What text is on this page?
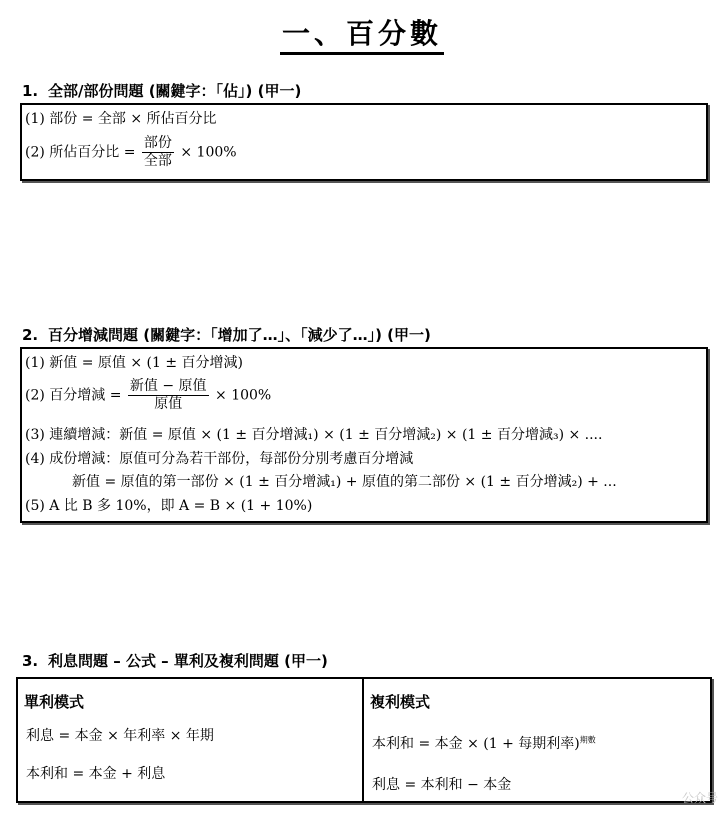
一、百分數
1. 全部/部份問題 (關鍵字：「佔」) (甲一)
(1) 部份 = 全部 × 所佔百分比
(2) 所佔百分比 = $\frac{\text{部份}}{\text{全部}} \times 100\%$
2. 百分增減問題 (關鍵字：「增加了…」、「減少了…」) (甲一)
(1) 新值 = 原值 × (1 ± 百分增減)
(2) 百分增減 = $\frac{\text{新值 − 原值}}{\text{原值}} \times 100\%$
(3) 連續增減：新值 = 原值 × (1 ± 百分增減₁) × (1 ± 百分增減₂) × (1 ± 百分增減₃) × ....
(4) 成份增減：原值可分為若干部份，每部份分別考慮百分增減
新值 = 原值的第一部份 × (1 ± 百分增減₁) + 原值的第二部份 × (1 ± 百分增減₂) + ...
(5) A 比 B 多 10%，即 A = B × (1 + 10%)
3. 利息問題 – 公式 – 單利及複利問題 (甲一)
單利模式
利息 = 本金 × 年利率 × 年期
本利和 = 本金 + 利息
複利模式
本利和 = 本金 × (1 + 每期利率)$^{期數}$
利息 = 本利和 − 本金
公众号
